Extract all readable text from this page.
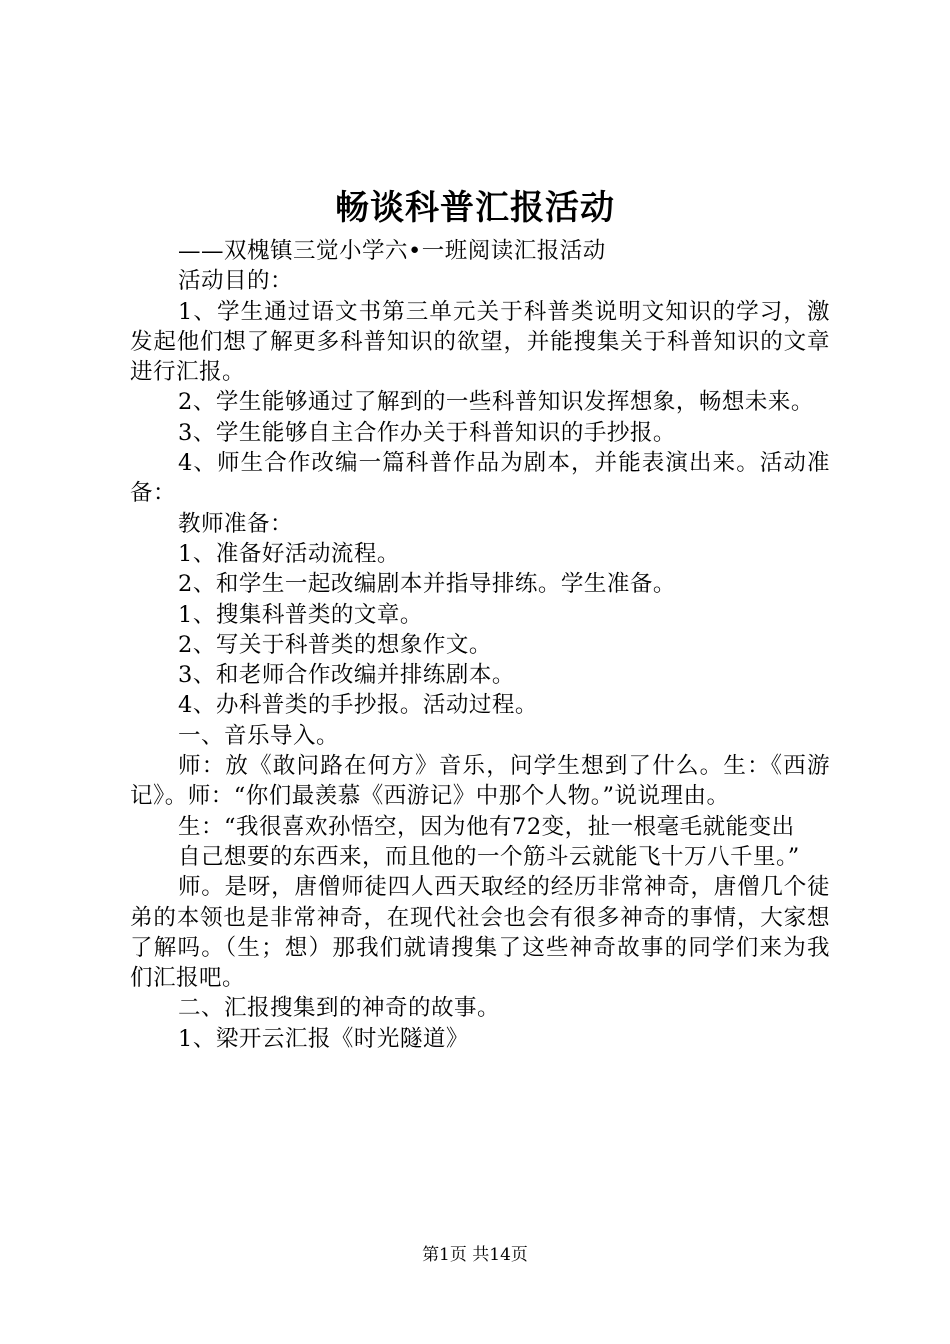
畅谈科普汇报活动

——双槐镇三觉小学六•一班阅读汇报活动

活动目的：

1、学生通过语文书第三单元关于科普类说明文知识的学习，激发起他们想了解更多科普知识的欲望，并能搜集关于科普知识的文章进行汇报。

2、学生能够通过了解到的一些科普知识发挥想象，畅想未来。

3、学生能够自主合作办关于科普知识的手抄报。

4、师生合作改编一篇科普作品为剧本，并能表演出来。活动准备：

教师准备：

1、准备好活动流程。

2、和学生一起改编剧本并指导排练。学生准备。

1、搜集科普类的文章。

2、写关于科普类的想象作文。

3、和老师合作改编并排练剧本。

4、办科普类的手抄报。活动过程。

一、音乐导入。

师：放《敢问路在何方》音乐，问学生想到了什么。生：《西游记》。师：“你们最羡慕《西游记》中那个人物。”说说理由。

生：“我很喜欢孙悟空，因为他有72变，扯一根毫毛就能变出

自己想要的东西来，而且他的一个筋斗云就能飞十万八千里。”

师。是呀，唐僧师徒四人西天取经的经历非常神奇，唐僧几个徒弟的本领也是非常神奇，在现代社会也会有很多神奇的事情，大家想了解吗。（生；想）那我们就请搜集了这些神奇故事的同学们来为我们汇报吧。

二、汇报搜集到的神奇的故事。

1、梁开云汇报《时光隧道》

第1页 共14页
